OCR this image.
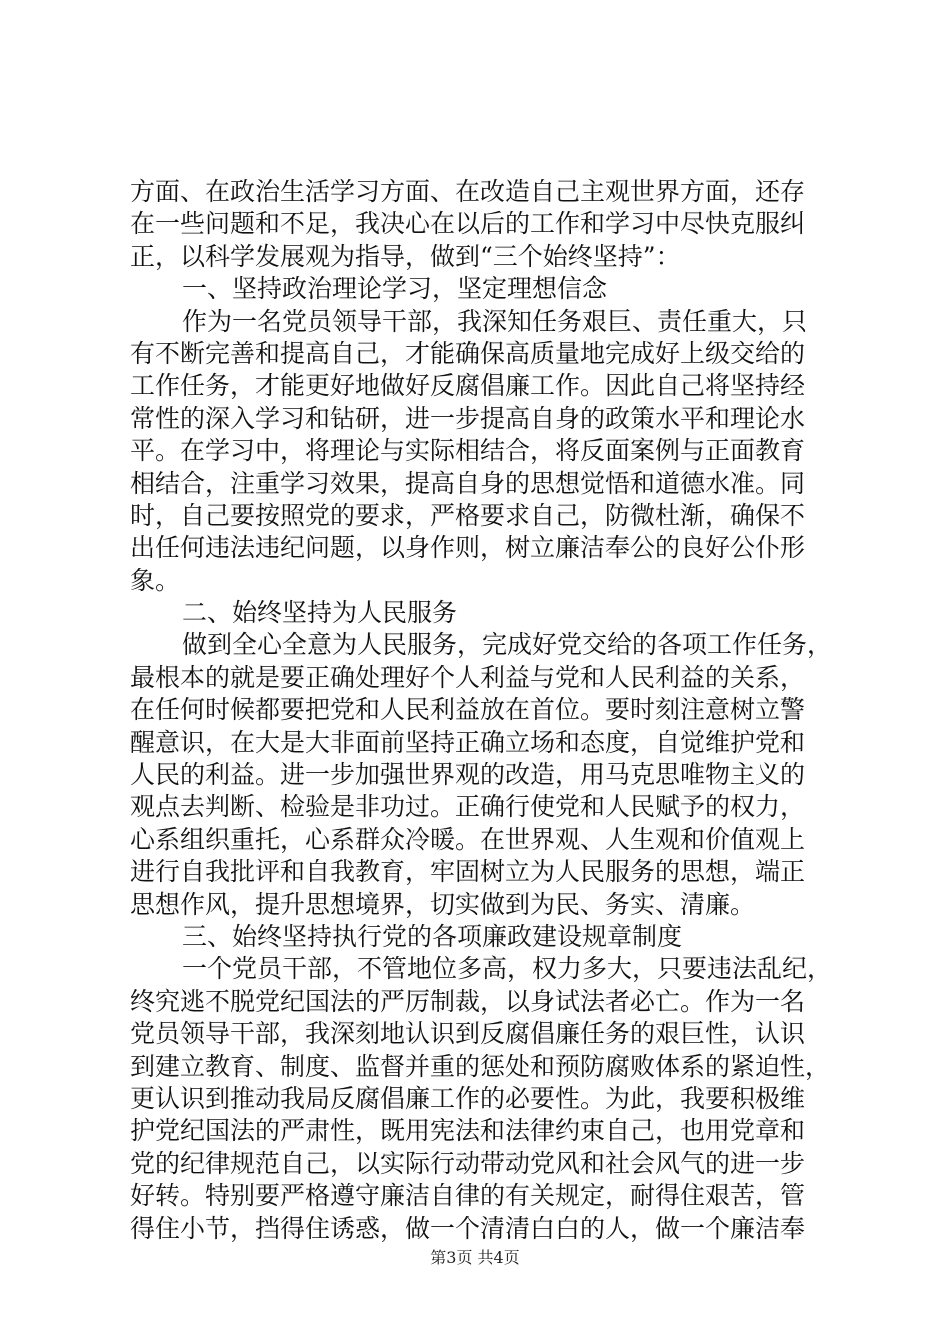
方面、在政治生活学习方面、在改造自己主观世界方面，还存
在一些问题和不足，我决心在以后的工作和学习中尽快克服纠
正，以科学发展观为指导，做到“三个始终坚持”：
一、坚持政治理论学习，坚定理想信念
作为一名党员领导干部，我深知任务艰巨、责任重大，只
有不断完善和提高自己，才能确保高质量地完成好上级交给的
工作任务，才能更好地做好反腐倡廉工作。因此自己将坚持经
常性的深入学习和钻研，进一步提高自身的政策水平和理论水
平。在学习中，将理论与实际相结合，将反面案例与正面教育
相结合，注重学习效果，提高自身的思想觉悟和道德水准。同
时，自己要按照党的要求，严格要求自己，防微杜渐，确保不
出任何违法违纪问题，以身作则，树立廉洁奉公的良好公仆形
象。
二、始终坚持为人民服务
做到全心全意为人民服务，完成好党交给的各项工作任务，
最根本的就是要正确处理好个人利益与党和人民利益的关系，
在任何时候都要把党和人民利益放在首位。要时刻注意树立警
醒意识，在大是大非面前坚持正确立场和态度，自觉维护党和
人民的利益。进一步加强世界观的改造，用马克思唯物主义的
观点去判断、检验是非功过。正确行使党和人民赋予的权力，
心系组织重托，心系群众冷暖。在世界观、人生观和价值观上
进行自我批评和自我教育，牢固树立为人民服务的思想，端正
思想作风，提升思想境界，切实做到为民、务实、清廉。
三、始终坚持执行党的各项廉政建设规章制度
一个党员干部，不管地位多高，权力多大，只要违法乱纪，
终究逃不脱党纪国法的严厉制裁，以身试法者必亡。作为一名
党员领导干部，我深刻地认识到反腐倡廉任务的艰巨性，认识
到建立教育、制度、监督并重的惩处和预防腐败体系的紧迫性，
更认识到推动我局反腐倡廉工作的必要性。为此，我要积极维
护党纪国法的严肃性，既用宪法和法律约束自己，也用党章和
党的纪律规范自己，以实际行动带动党风和社会风气的进一步
好转。特别要严格遵守廉洁自律的有关规定，耐得住艰苦，管
得住小节，挡得住诱惑，做一个清清白白的人，做一个廉洁奉
第3页 共4页
